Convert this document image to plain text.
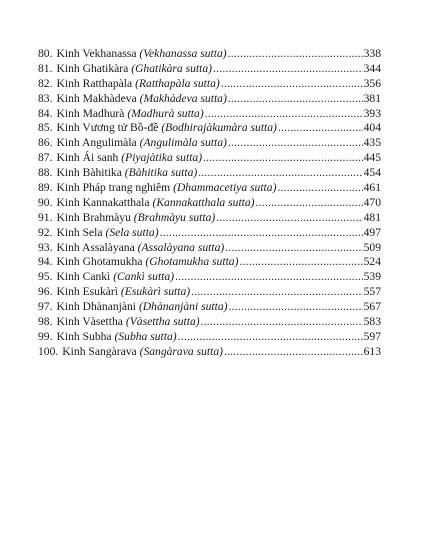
80. Kinh Vekhanassa (Vekhanassa sutta) .....	338
81. Kinh Ghatikàra (Ghatikàra sutta) .....	344
82. Kinh Ratthapàla (Ratthapàla sutta) .....	356
83. Kinh Makhàdeva (Makhàdeva sutta) .....	381
84. Kinh Madhurà (Madhurà sutta) .....	393
85. Kinh Vương tử Bồ-đề (Bodhirajàkumàra sutta) .....	404
86. Kinh Angulimàla (Angulimàla sutta) .....	435
87. Kinh Ái sanh (Piyajàtika sutta) .....	445
88. Kinh Bàhitika (Bàhitika sutta) .....	454
89. Kinh Pháp trang nghiêm (Dhammacetiya sutta) .....	461
90. Kinh Kannakatthala (Kannakatthala sutta) .....	470
91. Kinh Brahmàyu (Brahmàyu sutta) .....	481
92. Kinh Sela (Sela sutta) .....	497
93. Kinh Assalàyana (Assalàyana sutta) .....	509
94. Kinh Ghotamukha (Ghotamukha sutta) .....	524
95. Kinh Cankì (Cankì sutta) .....	539
96. Kinh Esukàrì (Esukàrì sutta) .....	557
97. Kinh Dhànanjàni (Dhànanjàni sutta) .....	567
98. Kinh Vàsettha (Vàsettha sutta) .....	583
99. Kinh Subha (Subha sutta) .....	597
100. Kinh Sangàrava (Sangàrava sutta) .....	613
